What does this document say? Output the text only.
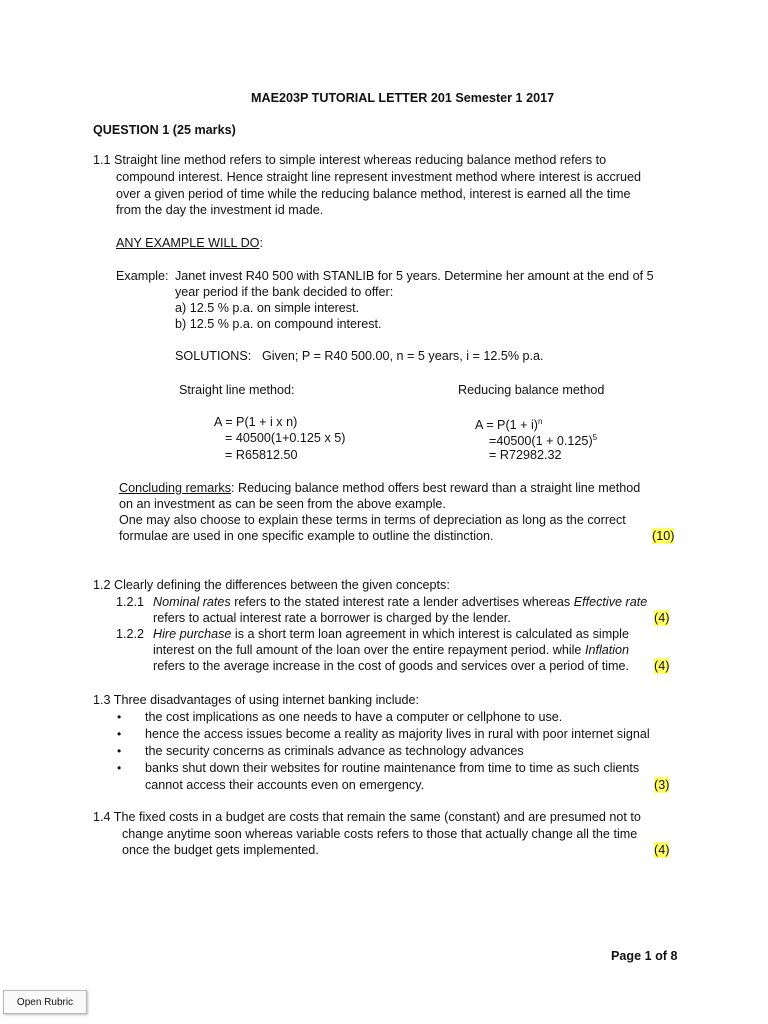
MAE203P TUTORIAL LETTER 201 Semester 1 2017
QUESTION 1 (25 marks)
1.1 Straight line method refers to simple interest whereas reducing balance method refers to
compound interest. Hence straight line represent investment method where interest is accrued
over a given period of time while the reducing balance method, interest is earned all the time
from the day the investment id made.
ANY EXAMPLE WILL DO:
Example: Janet invest R40 500 with STANLIB for 5 years. Determine her amount at the end of 5
year period if the bank decided to offer:
a) 12.5 % p.a. on simple interest.
b) 12.5 % p.a. on compound interest.
SOLUTIONS: Given; P = R40 500.00, n = 5 years, i = 12.5% p.a.
Straight line method:	Reducing balance method
A = P(1 + i x n)
= 40500(1+0.125 x 5)
= R65812.50
$A = P(1 + i)^n$
$=40500(1 + 0.125)^5$
= R72982.32
Concluding remarks: Reducing balance method offers best reward than a straight line method
on an investment as can be seen from the above example.
One may also choose to explain these terms in terms of depreciation as long as the correct
formulae are used in one specific example to outline the distinction.	(10)
1.2 Clearly defining the differences between the given concepts:
1.2.1 Nominal rates refers to the stated interest rate a lender advertises whereas Effective rate
refers to actual interest rate a borrower is charged by the lender.	(4)
1.2.2 Hire purchase is a short term loan agreement in which interest is calculated as simple
interest on the full amount of the loan over the entire repayment period. while Inflation
refers to the average increase in the cost of goods and services over a period of time. (4)
1.3 Three disadvantages of using internet banking include:
• the cost implications as one needs to have a computer or cellphone to use.
• hence the access issues become a reality as majority lives in rural with poor internet signal
• the security concerns as criminals advance as technology advances
• banks shut down their websites for routine maintenance from time to time as such clients
cannot access their accounts even on emergency.	(3)
1.4 The fixed costs in a budget are costs that remain the same (constant) and are presumed not to
change anytime soon whereas variable costs refers to those that actually change all the time
once the budget gets implemented.	(4)
Page 1 of 8
Open Rubric
